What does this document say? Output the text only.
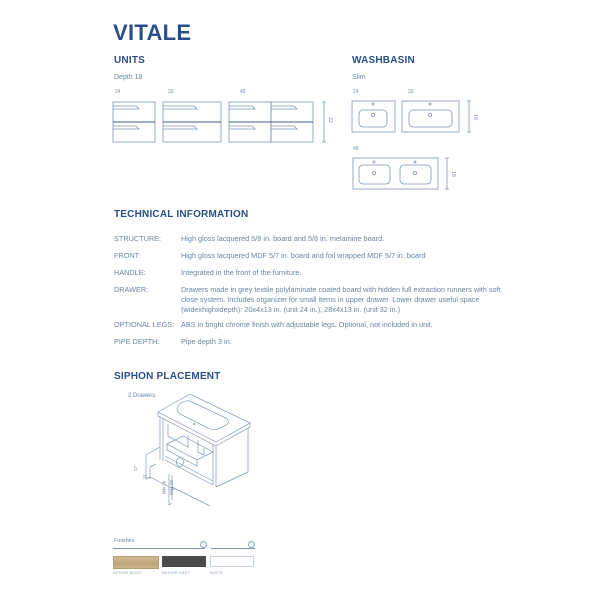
VITALE
UNITS
Depth 18
24	32	48
22
WASHBASIN
Slim
24	32
48
18
18
TECHNICAL INFORMATION
STRUCTURE:	High gloss lacquered 5/8 in. board and 5/8 in. melamine board.
FRONT:	High gloss lacquered MDF 5/7 in. board and foil wrapped MDF 5/7 in. board
HANDLE:	Integrated in the front of the furniture.
DRAWER:	Drawers made in grey textile polylaminate coated board with hidden full extraction runners with soft close system. Includes organizer for small items in upper drawer. Lower drawer useful space (widexhighxdepth): 20x4x13 in. (unit 24 in.), 28x4x13 in. (unit 32 in.)
OPTIONAL LEGS: ABS in bright chrome finish with adjustable legs. Optional, not included in unit.
PIPE DEPTH:	Pipe depth 3 in.
SIPHON PLACEMENT
2 Drawers
17
11
Min 20 Max 23
Finishes
NATURE BEIGE	NATURE GREY	WHITE
